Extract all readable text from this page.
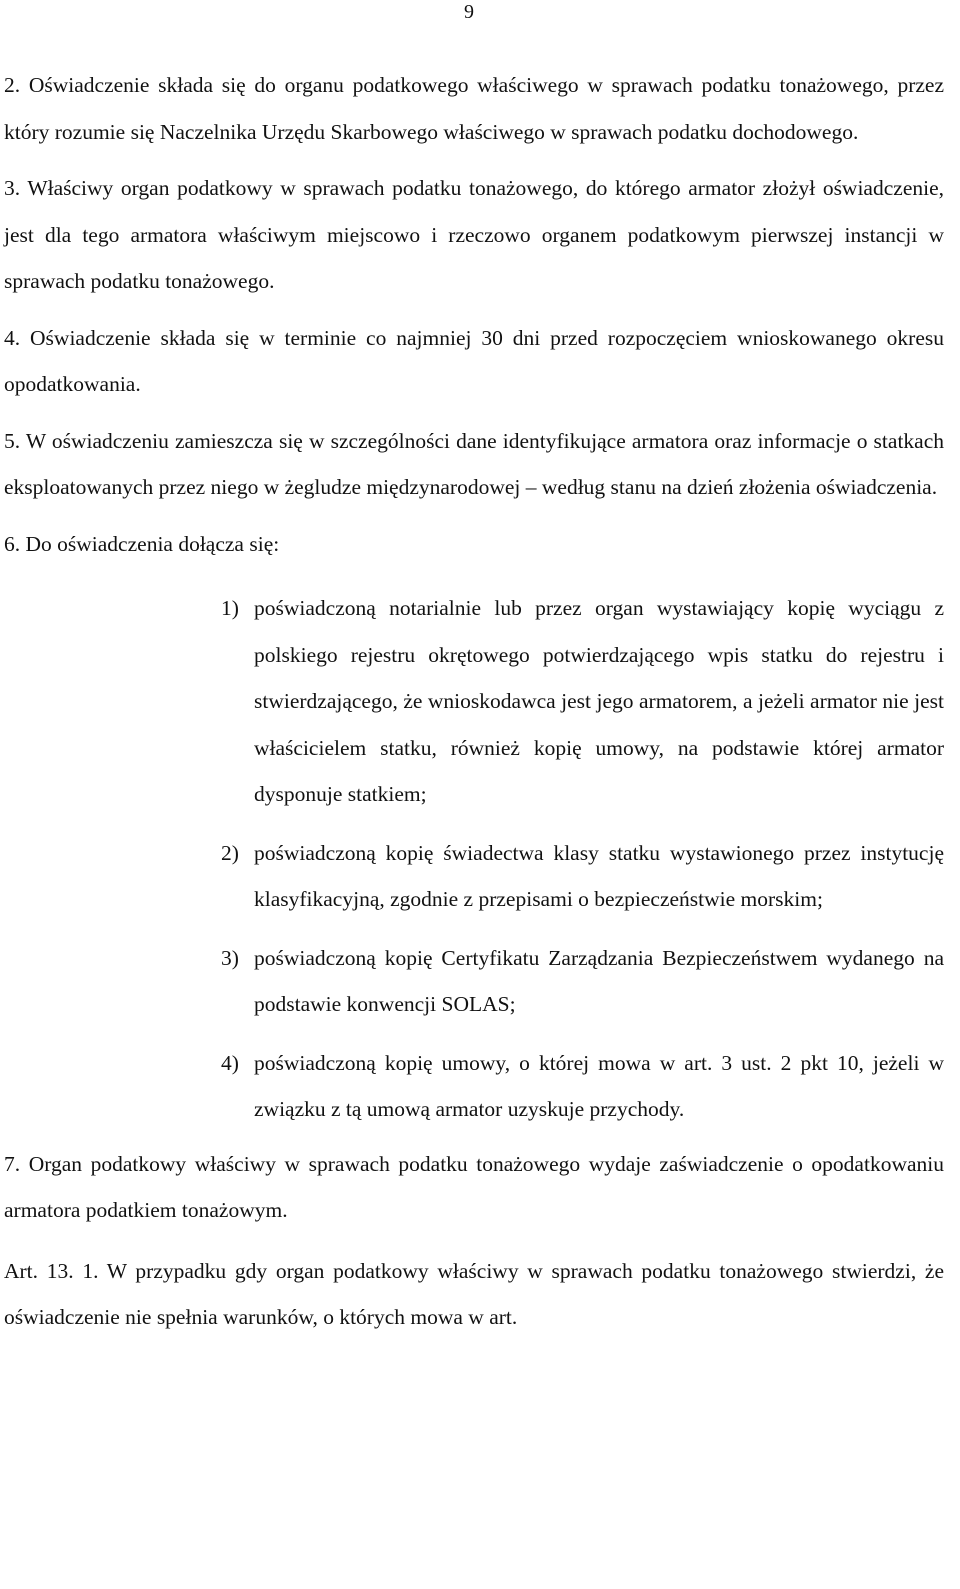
9

2. Oświadczenie składa się do organu podatkowego właściwego w sprawach podatku tonażowego, przez który rozumie się Naczelnika Urzędu Skarbowego właściwego w sprawach podatku dochodowego.

3. Właściwy organ podatkowy w sprawach podatku tonażowego, do którego armator złożył oświadczenie, jest dla tego armatora właściwym miejscowo i rzeczowo organem podatkowym pierwszej instancji w sprawach podatku tonażowego.

4. Oświadczenie składa się w terminie co najmniej 30 dni przed rozpoczęciem wnioskowanego okresu opodatkowania.

5. W oświadczeniu zamieszcza się w szczególności dane identyfikujące armatora oraz informacje o statkach eksploatowanych przez niego w żegludze międzynarodowej – według stanu na dzień złożenia oświadczenia.

6. Do oświadczenia dołącza się:

1) poświadczoną notarialnie lub przez organ wystawiający kopię wyciągu z polskiego rejestru okrętowego potwierdzającego wpis statku do rejestru i stwierdzającego, że wnioskodawca jest jego armatorem, a jeżeli armator nie jest właścicielem statku, również kopię umowy, na podstawie której armator dysponuje statkiem;
2) poświadczoną kopię świadectwa klasy statku wystawionego przez instytucję klasyfikacyjną, zgodnie z przepisami o bezpieczeństwie morskim;
3) poświadczoną kopię Certyfikatu Zarządzania Bezpieczeństwem wydanego na podstawie konwencji SOLAS;
4) poświadczoną kopię umowy, o której mowa w art. 3 ust. 2 pkt 10, jeżeli w związku z tą umową armator uzyskuje przychody.

7. Organ podatkowy właściwy w sprawach podatku tonażowego wydaje zaświadczenie o opodatkowaniu armatora podatkiem tonażowym.

Art. 13. 1. W przypadku gdy organ podatkowy właściwy w sprawach podatku tonażowego stwierdzi, że oświadczenie nie spełnia warunków, o których mowa w art.
